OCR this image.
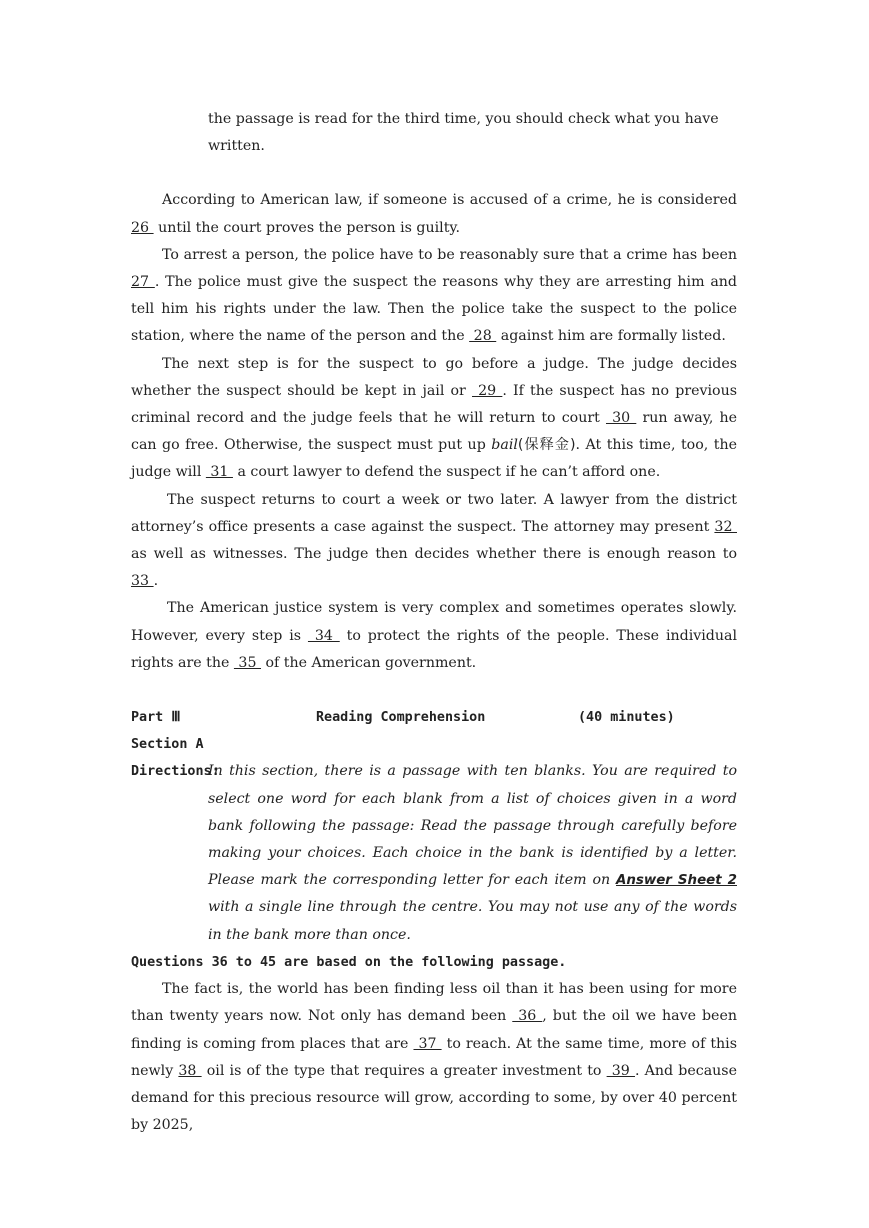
the passage is read for the third time, you should check what you have
written.

According to American law, if someone is accused of a crime, he is considered 26  until the court proves the person is guilty.

To arrest a person, the police have to be reasonably sure that a crime has been 27 . The police must give the suspect the reasons why they are arresting him and tell him his rights under the law. Then the police take the suspect to the police station, where the name of the person and the  28  against him are formally listed.

The next step is for the suspect to go before a judge. The judge decides whether the suspect should be kept in jail or  29 . If the suspect has no previous criminal record and the judge feels that he will return to court  30  run away, he can go free. Otherwise, the suspect must put up bail(保释金). At this time, too, the judge will  31  a court lawyer to defend the suspect if he can’t afford one.

The suspect returns to court a week or two later. A lawyer from the district attorney’s office presents a case against the suspect. The attorney may present 32  as well as witnesses. The judge then decides whether there is enough reason to 33 .

The American justice system is very complex and sometimes operates slowly. However, every step is  34  to protect the rights of the people. These individual rights are the  35  of the American government.

Part Ⅲ	Reading Comprehension	(40 minutes)
Section A
Directions:
In this section, there is a passage with ten blanks. You are required to select one word for each blank from a list of choices given in a word bank following the passage: Read the passage through carefully before making your choices. Each choice in the bank is identified by a letter. Please mark the corresponding letter for each item on Answer Sheet 2 with a single line through the centre. You may not use any of the words in the bank more than once.
Questions 36 to 45 are based on the following passage.

The fact is, the world has been finding less oil than it has been using for more than twenty years now. Not only has demand been  36 , but the oil we have been finding is coming from places that are  37  to reach. At the same time, more of this newly 38  oil is of the type that requires a greater investment to  39 . And because demand for this precious resource will grow, according to some, by over 40 percent by 2025,
